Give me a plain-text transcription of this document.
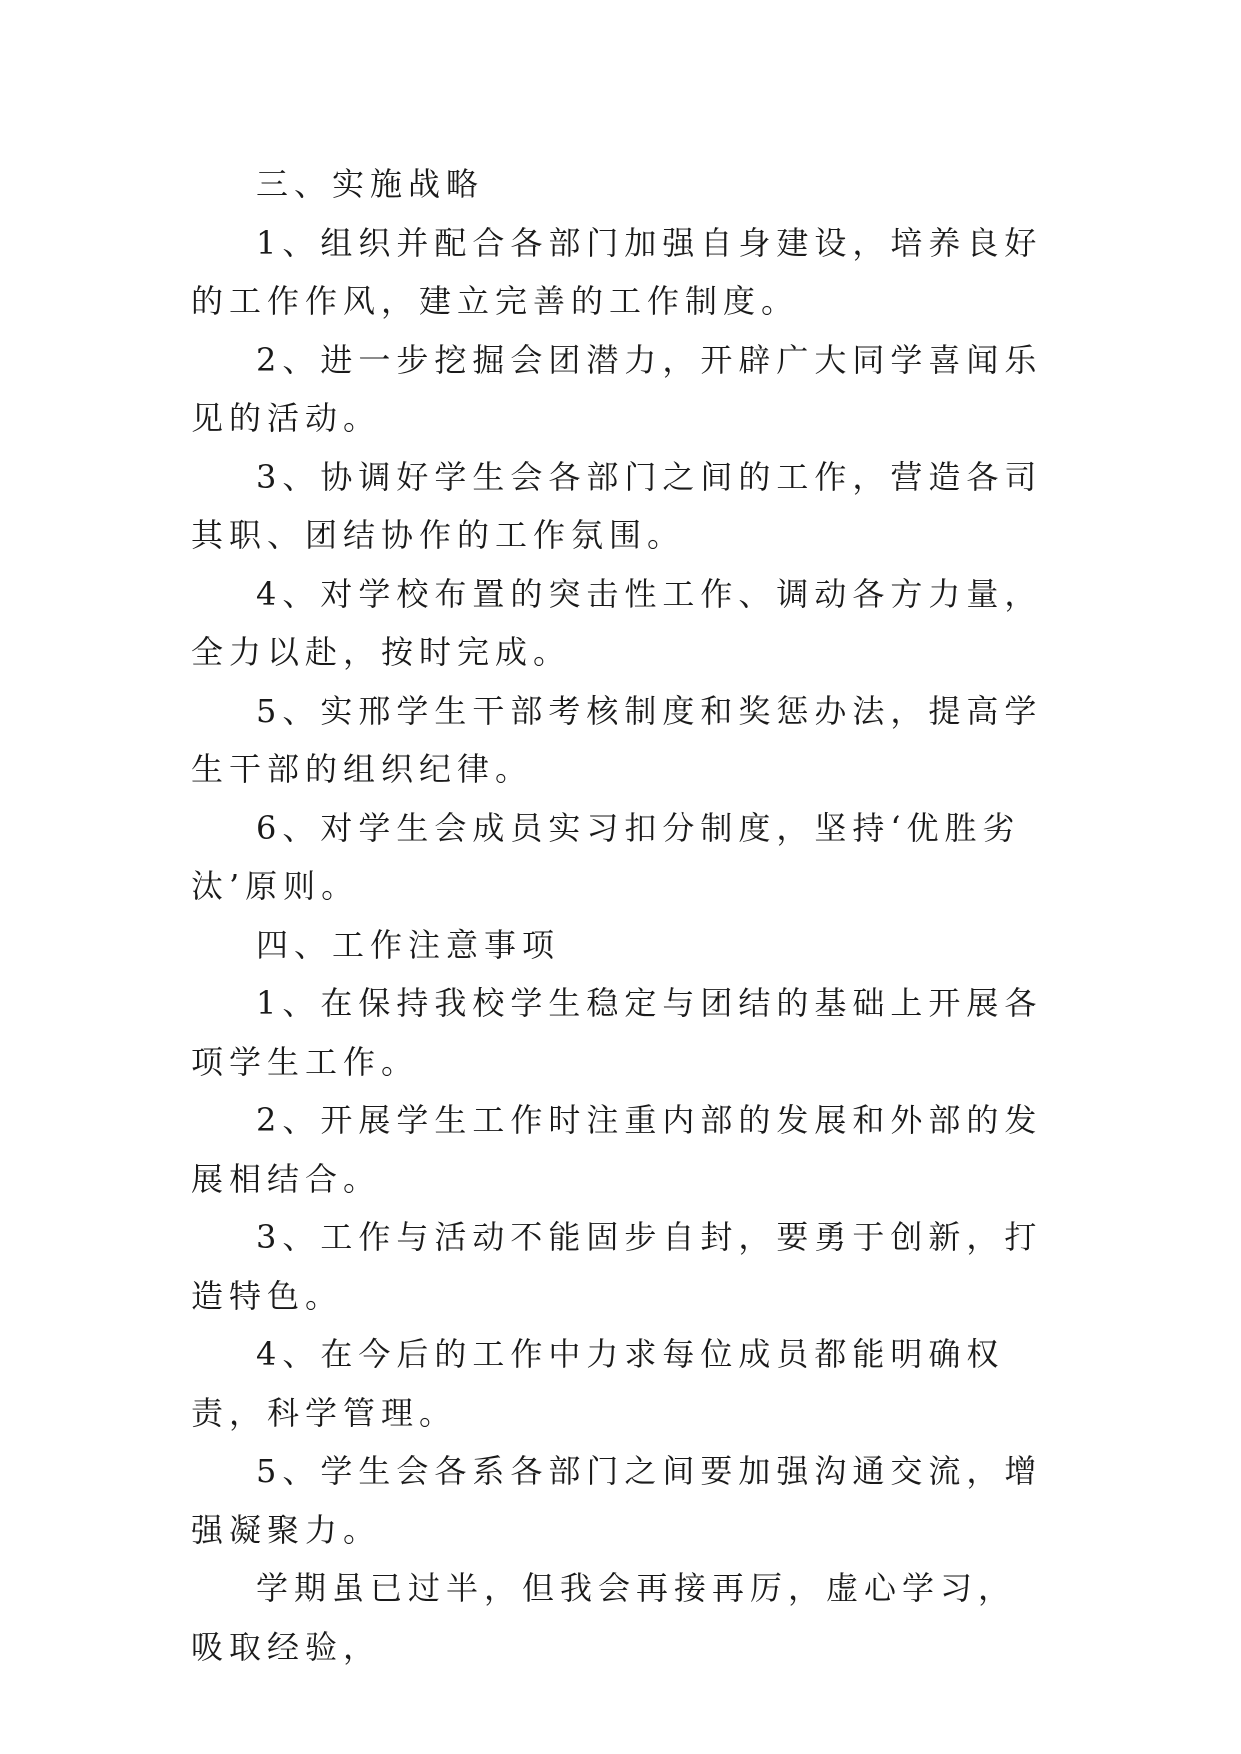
三、实施战略

1、组织并配合各部门加强自身建设，培养良好的工作作风，建立完善的工作制度。

2、进一步挖掘会团潜力，开辟广大同学喜闻乐见的活动。

3、协调好学生会各部门之间的工作，营造各司其职、团结协作的工作氛围。

4、对学校布置的突击性工作、调动各方力量，全力以赴，按时完成。

5、实邢学生干部考核制度和奖惩办法，提高学生干部的组织纪律。

6、对学生会成员实习扣分制度，坚持‘优胜劣汰’原则。

四、工作注意事项

1、在保持我校学生稳定与团结的基础上开展各项学生工作。

2、开展学生工作时注重内部的发展和外部的发展相结合。

3、工作与活动不能固步自封，要勇于创新，打造特色。

4、在今后的工作中力求每位成员都能明确权责，科学管理。

5、学生会各系各部门之间要加强沟通交流，增强凝聚力。

学期虽已过半，但我会再接再厉，虚心学习，吸取经验，
